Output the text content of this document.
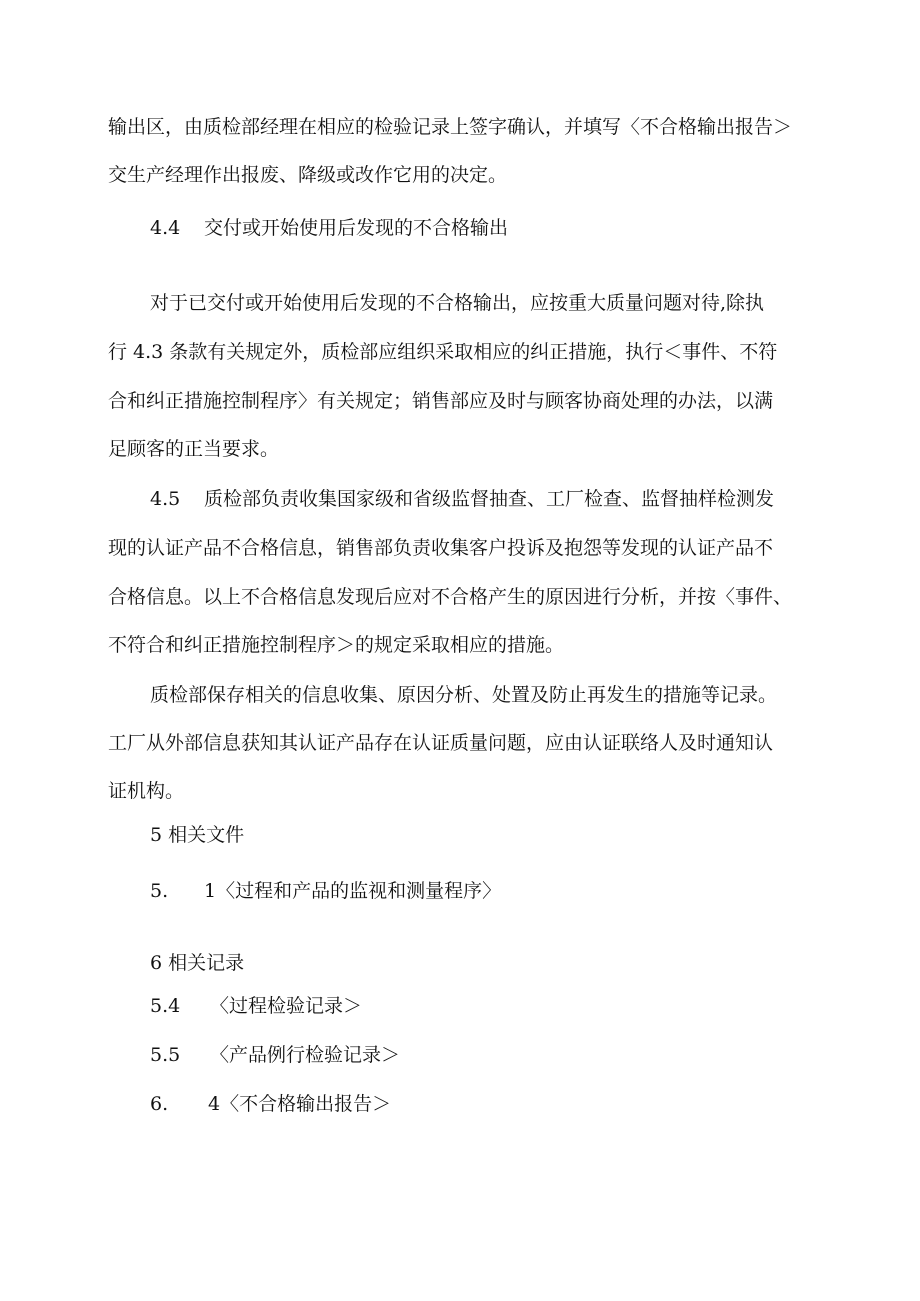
输出区，由质检部经理在相应的检验记录上签字确认，并填写〈不合格输出报告＞
交生产经理作出报废、降级或改作它用的决定。
4.4 交付或开始使用后发现的不合格输出
对于已交付或开始使用后发现的不合格输出，应按重大质量问题对待,除执
行 4.3 条款有关规定外，质检部应组织采取相应的纠正措施，执行＜事件、不符
合和纠正措施控制程序〉有关规定；销售部应及时与顾客协商处理的办法，以满
足顾客的正当要求。
4.5 质检部负责收集国家级和省级监督抽查、工厂检查、监督抽样检测发
现的认证产品不合格信息，销售部负责收集客户投诉及抱怨等发现的认证产品不
合格信息。以上不合格信息发现后应对不合格产生的原因进行分析，并按〈事件、
不符合和纠正措施控制程序＞的规定采取相应的措施。
质检部保存相关的信息收集、原因分析、处置及防止再发生的措施等记录。
工厂从外部信息获知其认证产品存在认证质量问题，应由认证联络人及时通知认
证机构。
5 相关文件
5. 1〈过程和产品的监视和测量程序〉
6 相关记录
5.4 〈过程检验记录＞
5.5 〈产品例行检验记录＞
6. 4〈不合格输出报告＞
